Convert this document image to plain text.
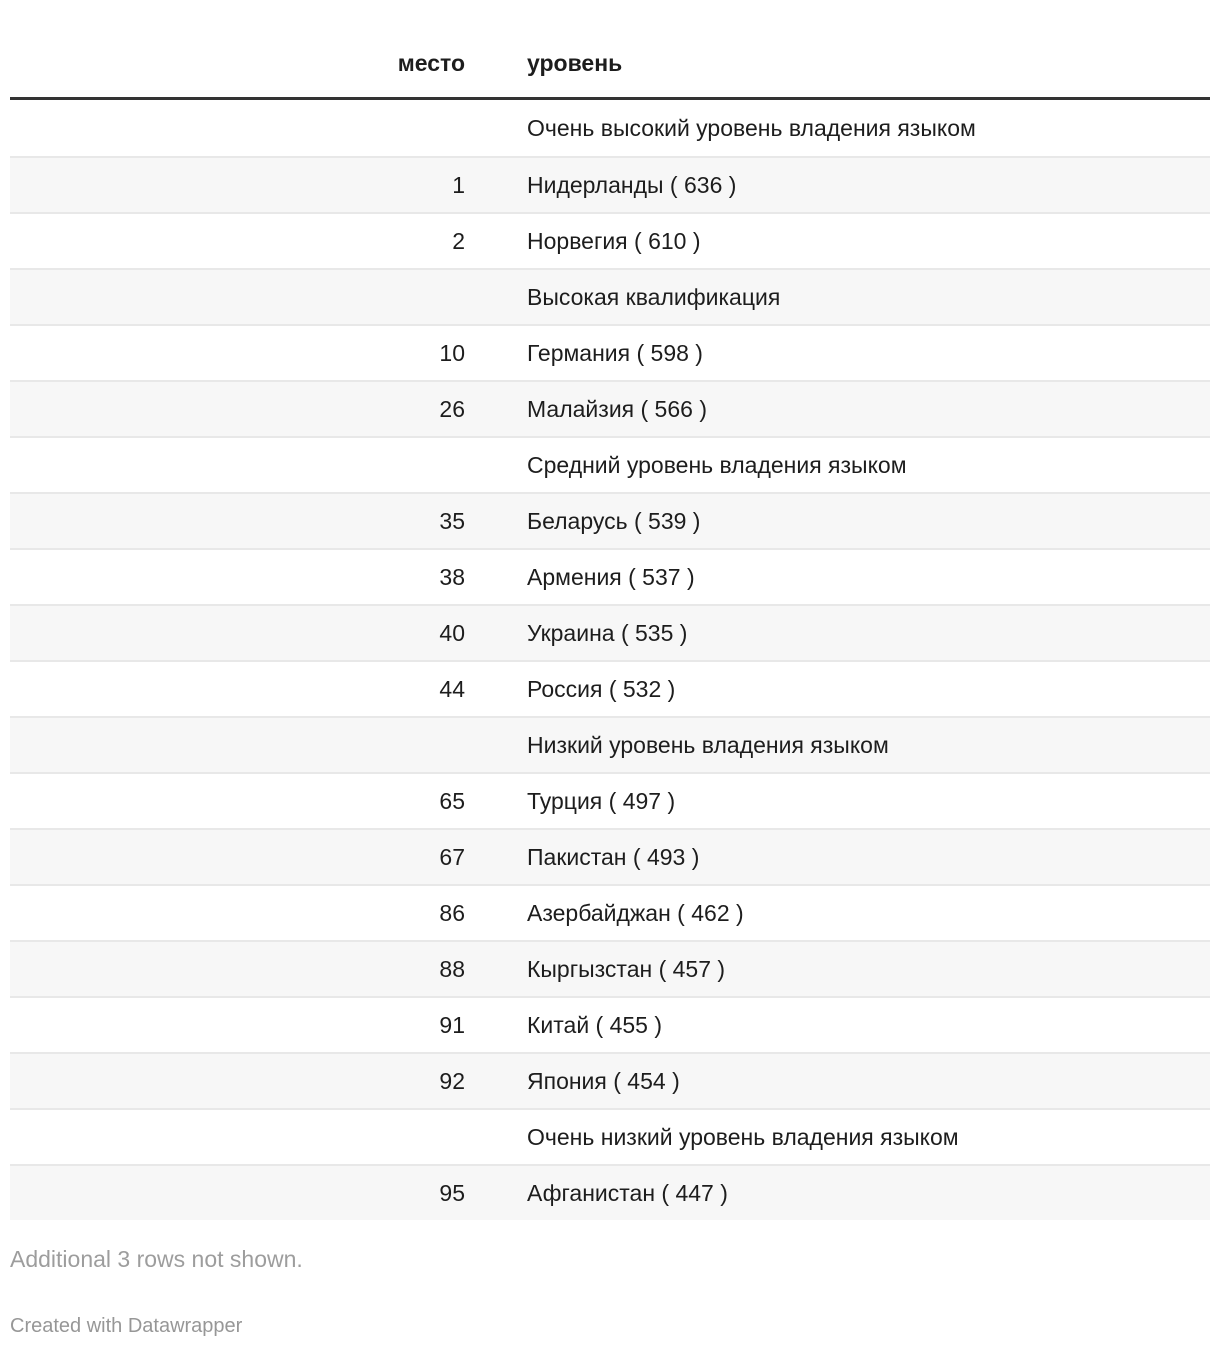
место	уровень
	Очень высокий уровень владения языком
1	Нидерланды ( 636 )
2	Норвегия ( 610 )
	Высокая квалификация
10	Германия ( 598 )
26	Малайзия ( 566 )
	Средний уровень владения языком
35	Беларусь ( 539 )
38	Армения ( 537 )
40	Украина ( 535 )
44	Россия ( 532 )
	Низкий уровень владения языком
65	Турция ( 497 )
67	Пакистан ( 493 )
86	Азербайджан ( 462 )
88	Кыргызстан ( 457 )
91	Китай ( 455 )
92	Япония ( 454 )
	Очень низкий уровень владения языком
95	Афганистан ( 447 )
Additional 3 rows not shown.
Created with Datawrapper
